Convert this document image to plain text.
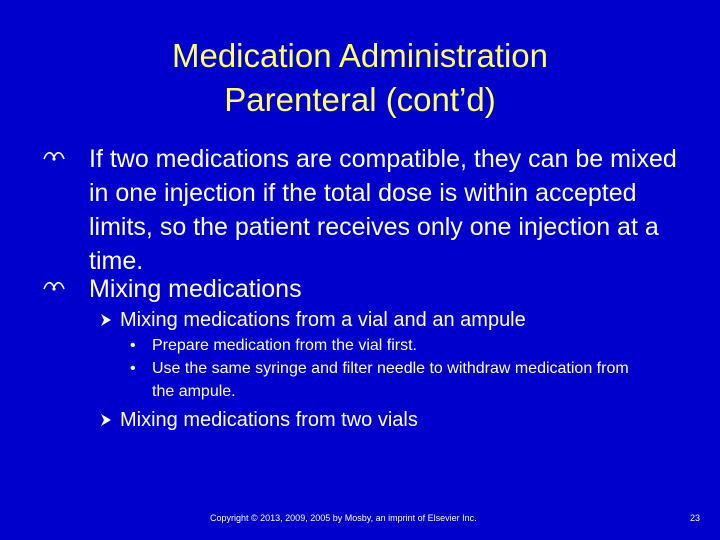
Medication Administration
Parenteral (cont’d)
If two medications are compatible, they can be mixed in one injection if the total dose is within accepted limits, so the patient receives only one injection at a time.
Mixing medications
Mixing medications from a vial and an ampule
• Prepare medication from the vial first.
• Use the same syringe and filter needle to withdraw medication from the ampule.
Mixing medications from two vials
Copyright © 2013, 2009, 2005 by Mosby, an imprint of Elsevier Inc.	23
